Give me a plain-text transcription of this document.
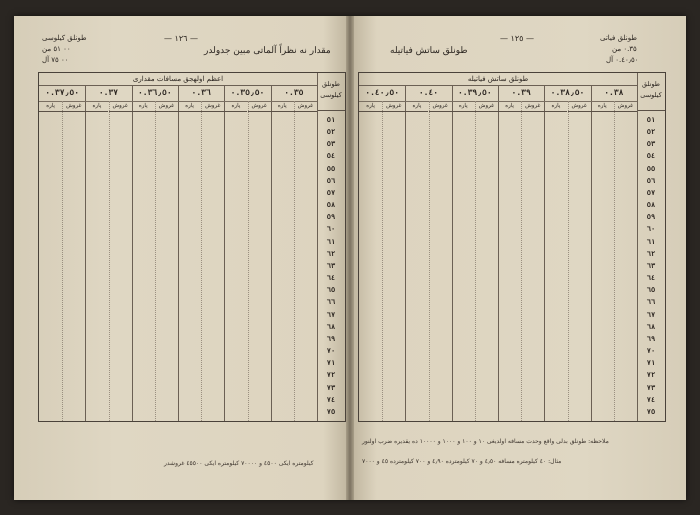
— ١٢٦ —
مقدار نه نظراً آلماتی مبین جدولدر
طونلق كيلوسی
٠٠ ٥١ من
٠٠ ٧٥ آل
اعظم اولهجق مسافات مقداری
طونلق كيلوسی
٠.٣٥
غروش
پاره
٠.٣٥٫٥٠
غروش
پاره
٠.٣٦
غروش
پاره
٠.٣٦٫٥٠
غروش
پاره
٠.٣٧
غروش
پاره
٠.٣٧٫٥٠
غروش
پاره
٥١
٥٢
٥٣
٥٤
٥٥
٥٦
٥٧
٥٨
٥٩
٦٠
٦١
٦٢
٦٣
٦٤
٦٥
٦٦
٦٧
٦٨
٦٩
٧٠
٧١
٧٢
٧٣
٧٤
٧٥
کیلومتره ایکی ٤٥٠٠ و ٧٠٠٠٠ کیلومتره ایکی ٤٥٥٠٠ غروشدر
— ١٢٥ —
طونلق ساتش فیاتیله
طونلق فیاتی
٠.٣٥ من
٠.٤٠٫٥٠ آل
طونلق ساتش فیاتیله
طونلق كيلوسی
٠.٣٨
غروش
پاره
٠.٣٨٫٥٠
غروش
پاره
٠.٣٩
غروش
پاره
٠.٣٩٫٥٠
غروش
پاره
٠.٤٠
غروش
پاره
٠.٤٠٫٥٠
غروش
پاره
٥١
٥٢
٥٣
٥٤
٥٥
٥٦
٥٧
٥٨
٥٩
٦٠
٦١
٦٢
٦٣
٦٤
٦٥
٦٦
٦٧
٦٨
٦٩
٧٠
٧١
٧٢
٧٣
٧٤
٧٥
ملاحظه: طونلق بدلی واقع وحدت مسافه اولدیغی ١٠ و ١٠٠ و ١٠٠٠ و ١٠٠٠٠ ده یقدیره ضرب اولنور
مثال: ٤٠ کیلومتره مسافه ٤٫٥٠ و ٧٠ کیلومترده ٤٫٩٠ و ٧٠٠ کیلومترده ٤٥ و ٧٠٠٠
